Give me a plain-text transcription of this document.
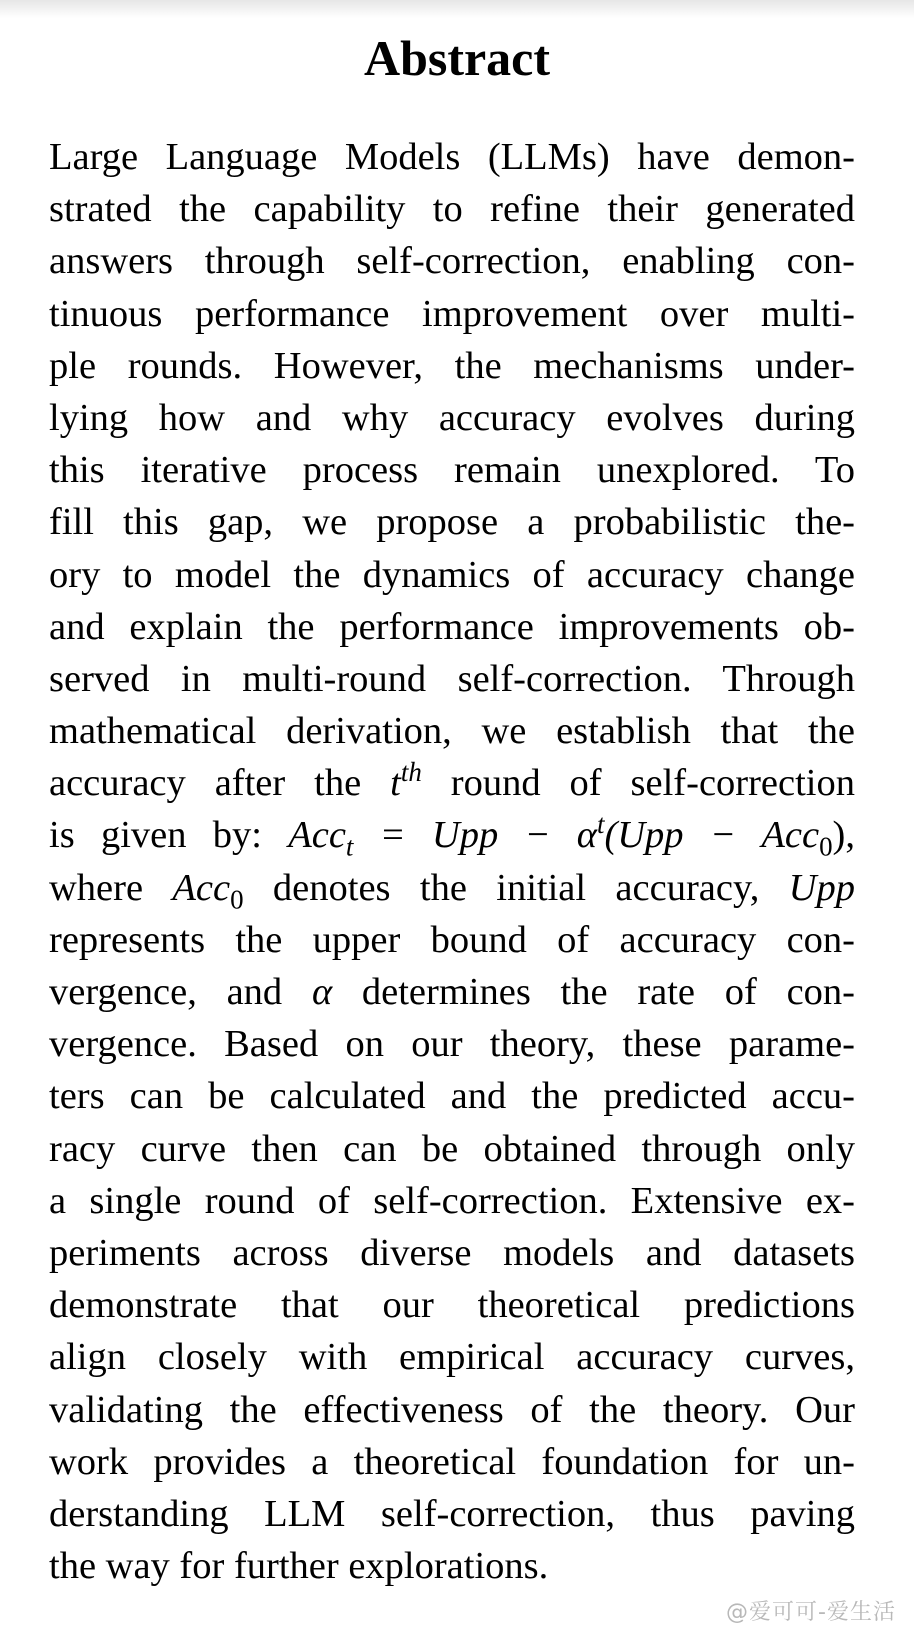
Abstract
Large Language Models (LLMs) have demon-
strated the capability to refine their generated
answers through self-correction, enabling con-
tinuous performance improvement over multi-
ple rounds. However, the mechanisms under-
lying how and why accuracy evolves during
this iterative process remain unexplored. To
fill this gap, we propose a probabilistic the-
ory to model the dynamics of accuracy change
and explain the performance improvements ob-
served in multi-round self-correction. Through
mathematical derivation, we establish that the
accuracy after the $t^{th}$ round of self-correction
is given by: Acc$_t$ = Upp − $\alpha^t(Upp - Acc_0)$,
where Acc$_0$ denotes the initial accuracy, Upp
represents the upper bound of accuracy con-
vergence, and α determines the rate of con-
vergence. Based on our theory, these parame-
ters can be calculated and the predicted accu-
racy curve then can be obtained through only
a single round of self-correction. Extensive ex-
periments across diverse models and datasets
demonstrate that our theoretical predictions
align closely with empirical accuracy curves,
validating the effectiveness of the theory. Our
work provides a theoretical foundation for un-
derstanding LLM self-correction, thus paving
the way for further explorations.
@爱可可-爱生活
